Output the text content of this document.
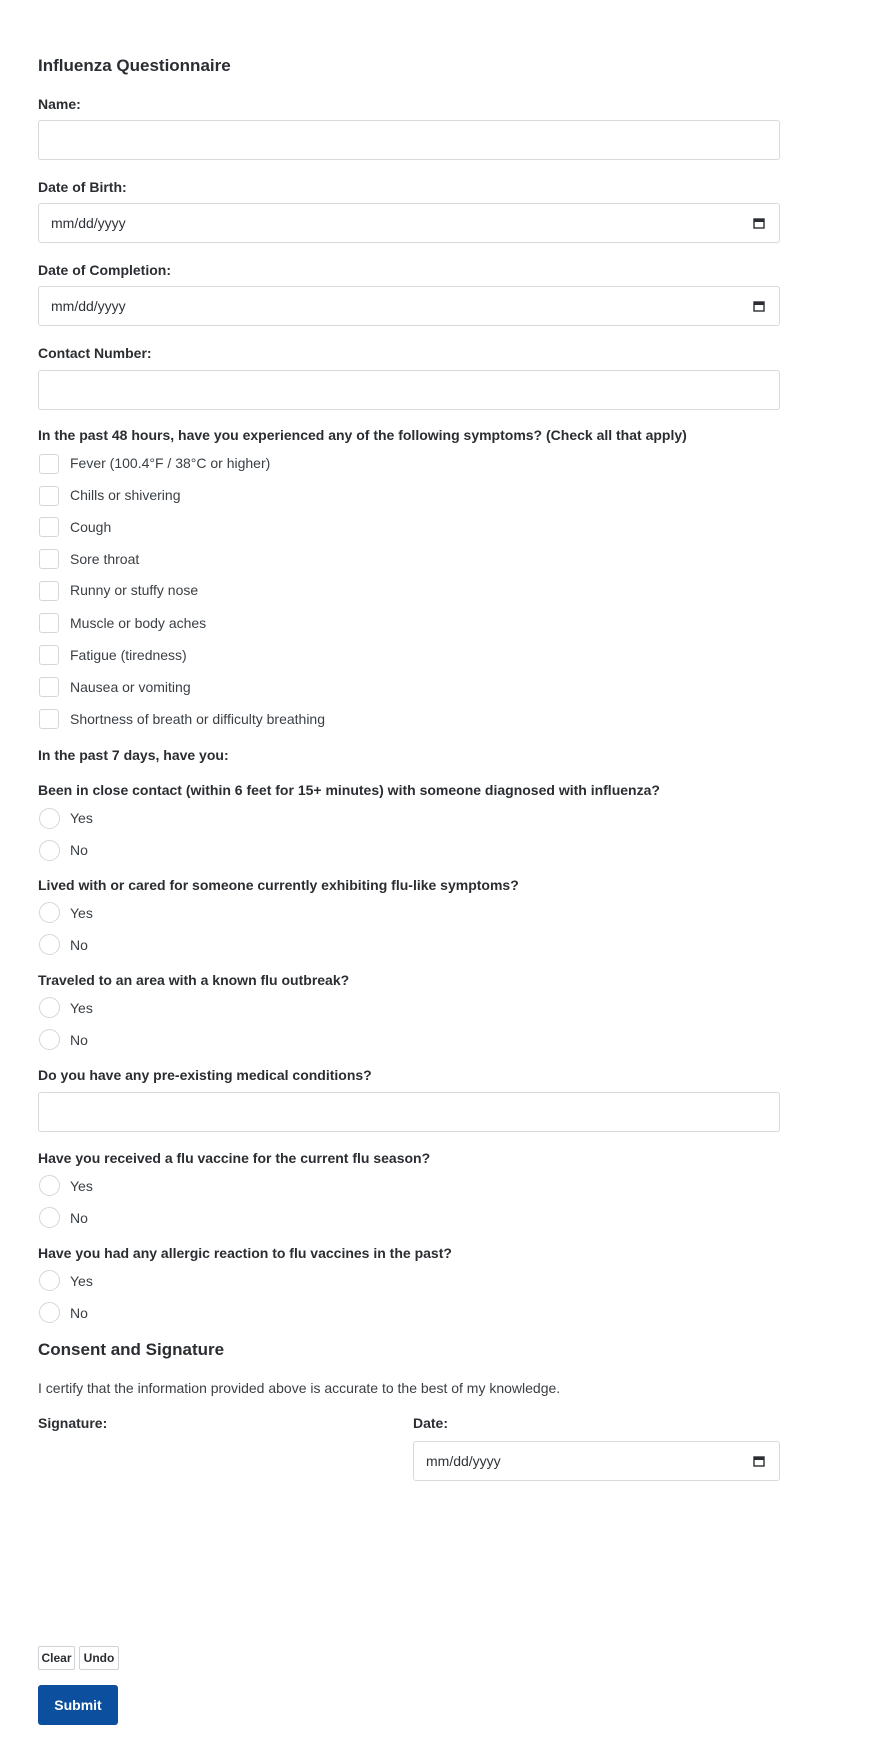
Influenza Questionnaire
Name:
Date of Birth:
mm/dd/yyyy
Date of Completion:
mm/dd/yyyy
Contact Number:
In the past 48 hours, have you experienced any of the following symptoms? (Check all that apply)
Fever (100.4°F / 38°C or higher)
Chills or shivering
Cough
Sore throat
Runny or stuffy nose
Muscle or body aches
Fatigue (tiredness)
Nausea or vomiting
Shortness of breath or difficulty breathing
In the past 7 days, have you:
Been in close contact (within 6 feet for 15+ minutes) with someone diagnosed with influenza?
Yes
No
Lived with or cared for someone currently exhibiting flu-like symptoms?
Yes
No
Traveled to an area with a known flu outbreak?
Yes
No
Do you have any pre-existing medical conditions?
Have you received a flu vaccine for the current flu season?
Yes
No
Have you had any allergic reaction to flu vaccines in the past?
Yes
No
Consent and Signature
I certify that the information provided above is accurate to the best of my knowledge.
Signature:	Date:
mm/dd/yyyy
Clear	Undo
Submit
